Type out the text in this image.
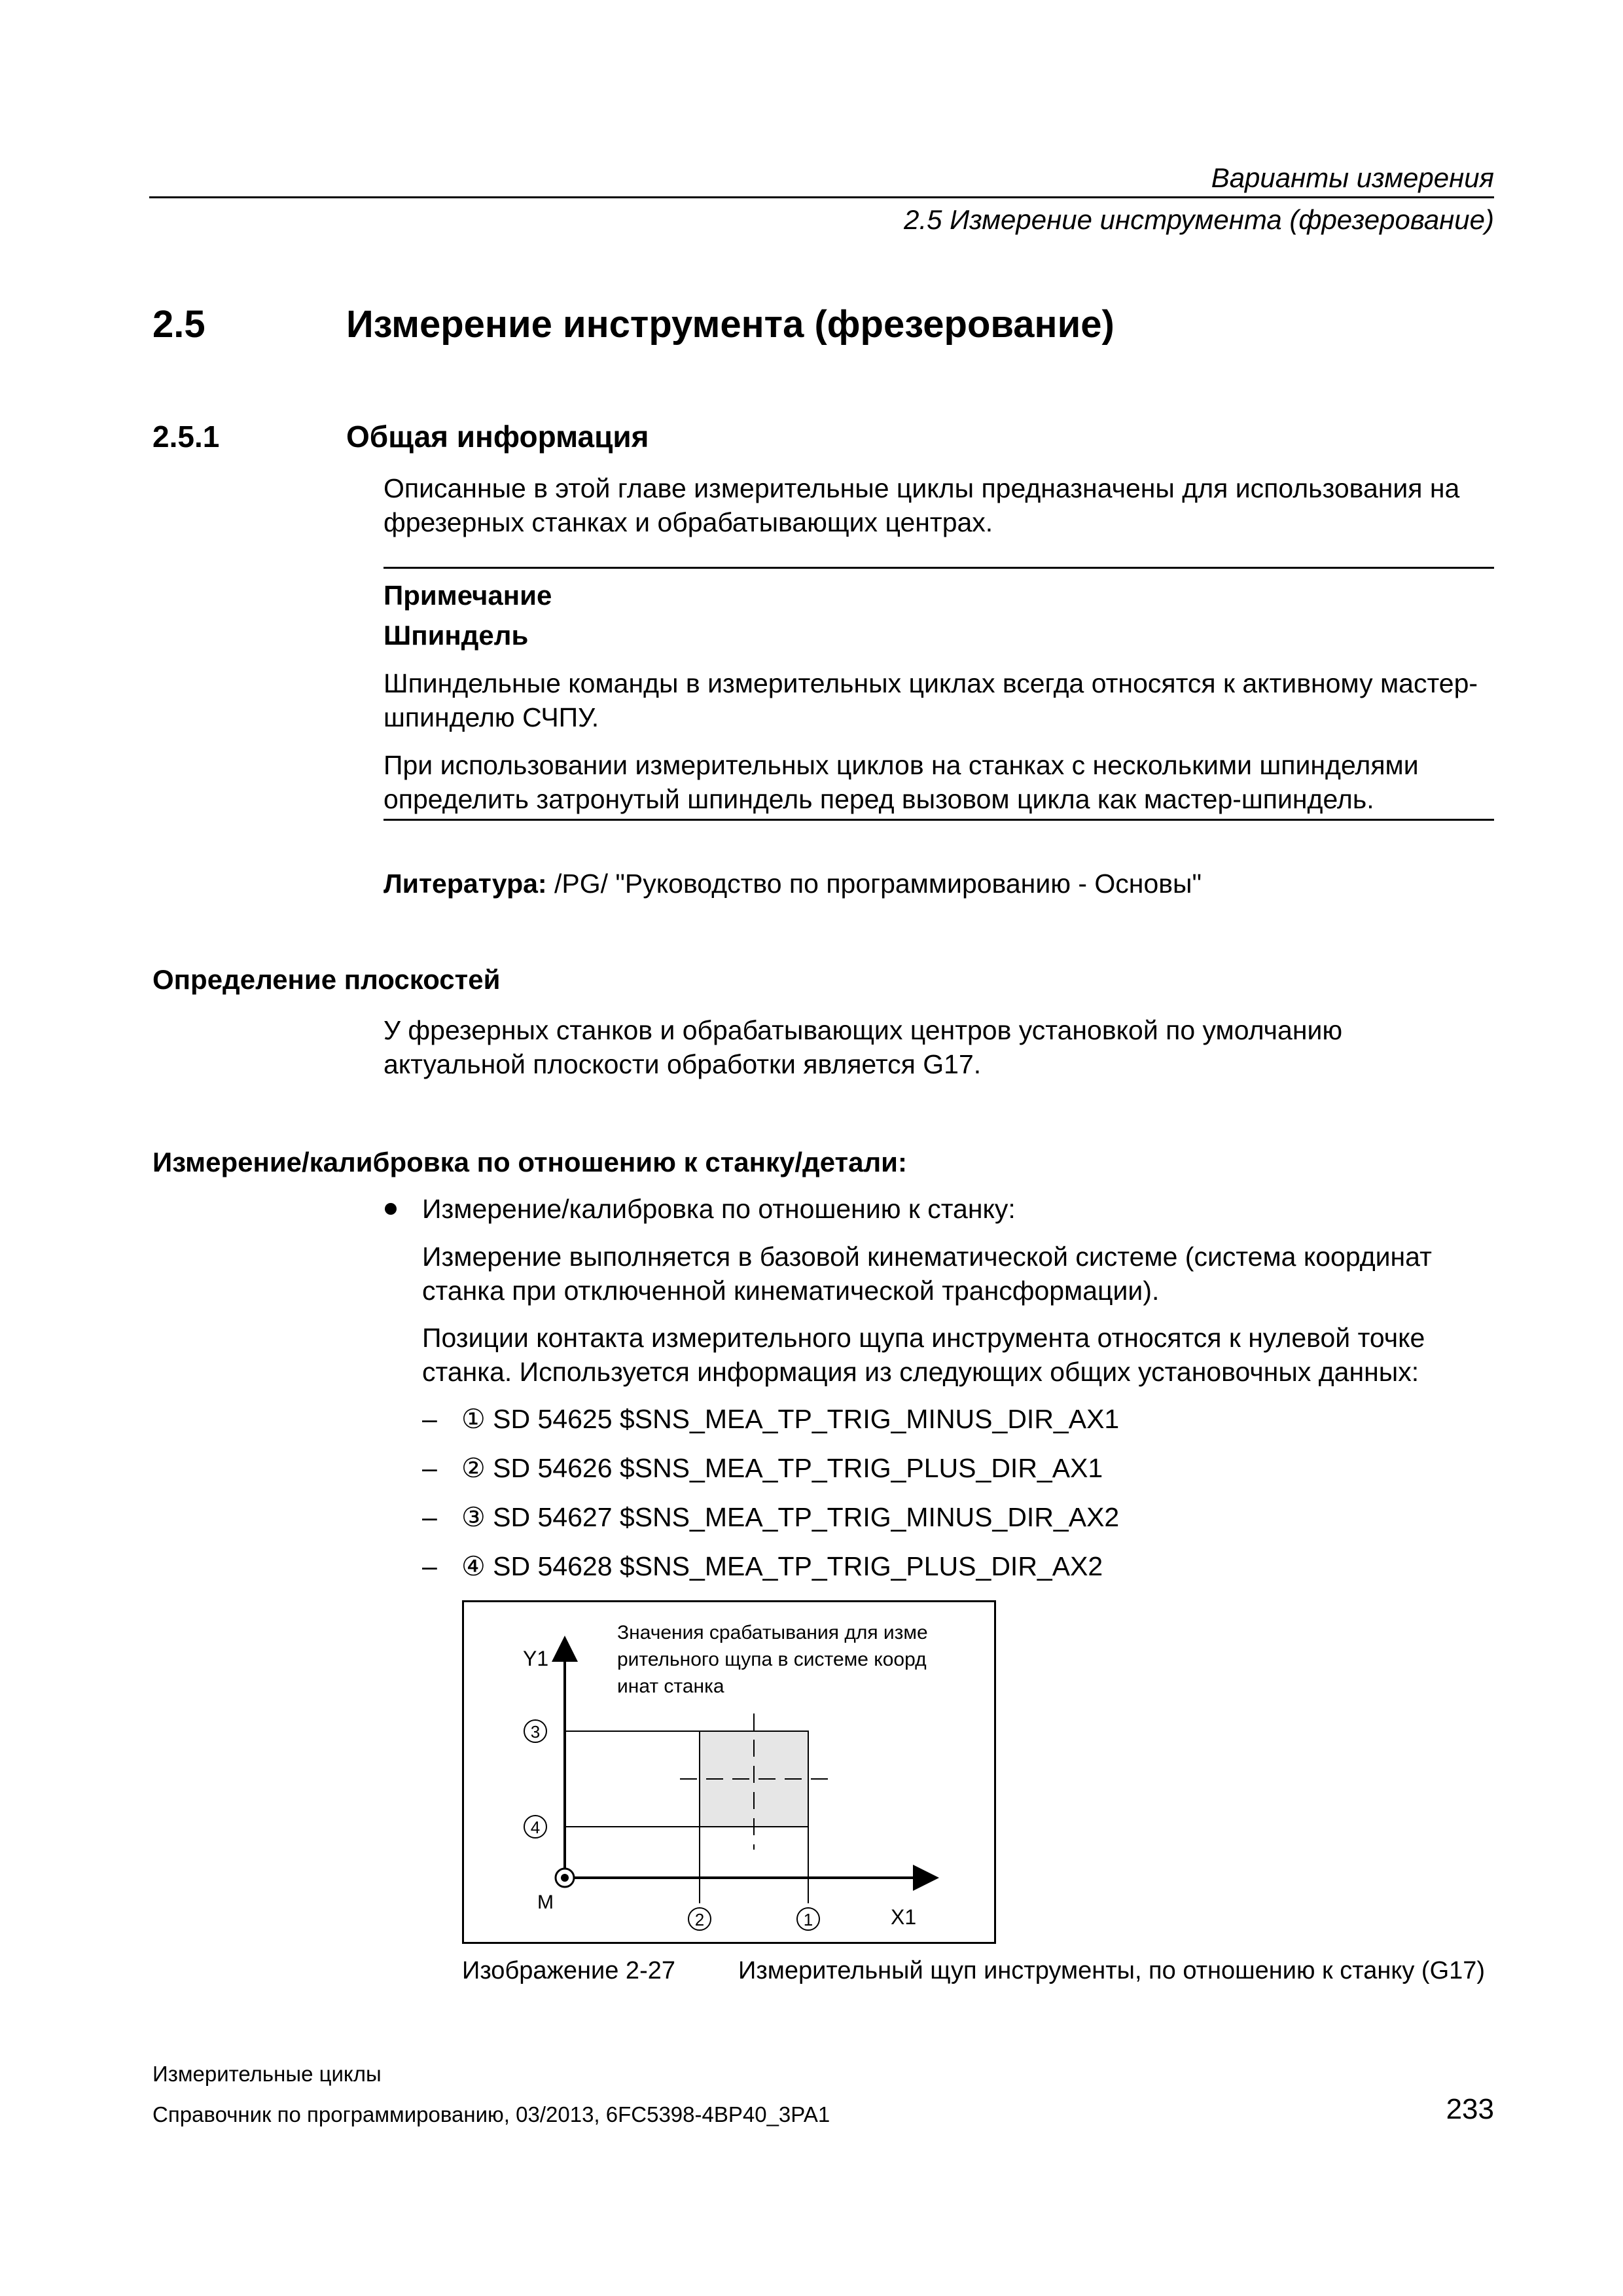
Варианты измерения
2.5 Измерение инструмента (фрезерование)
2.5	Измерение инструмента (фрезерование)
2.5.1	Общая информация
Описанные в этой главе измерительные циклы предназначены для использования на
фрезерных станках и обрабатывающих центрах.
Примечание
Шпиндель
Шпиндельные команды в измерительных циклах всегда относятся к активному мастер-
шпинделю СЧПУ.
При использовании измерительных циклов на станках с несколькими шпинделями
определить затронутый шпиндель перед вызовом цикла как мастер-шпиндель.
Литература: /PG/ "Руководство по программированию - Основы"
Определение плоскостей
У фрезерных станков и обрабатывающих центров установкой по умолчанию
актуальной плоскости обработки является G17.
Измерение/калибровка по отношению к станку/детали:
Измерение/калибровка по отношению к станку:
Измерение выполняется в базовой кинематической системе (система координат
станка при отключенной кинематической трансформации).
Позиции контакта измерительного щупа инструмента относятся к нулевой точке
станка. Используется информация из следующих общих установочных данных:
– ① SD 54625 $SNS_MEA_TP_TRIG_MINUS_DIR_AX1
– ② SD 54626 $SNS_MEA_TP_TRIG_PLUS_DIR_AX1
– ③ SD 54627 $SNS_MEA_TP_TRIG_MINUS_DIR_AX2
– ④ SD 54628 $SNS_MEA_TP_TRIG_PLUS_DIR_AX2
3
4
2	1
Y1
X1
M
Значения срабатывания для изме
рительного щупа в системе коорд
инат станка
Изображение 2-27	Измерительный щуп инструменты, по отношению к станку (G17)
Измерительные циклы
Справочник по программированию, 03/2013, 6FC5398-4BP40_3PA1	233
